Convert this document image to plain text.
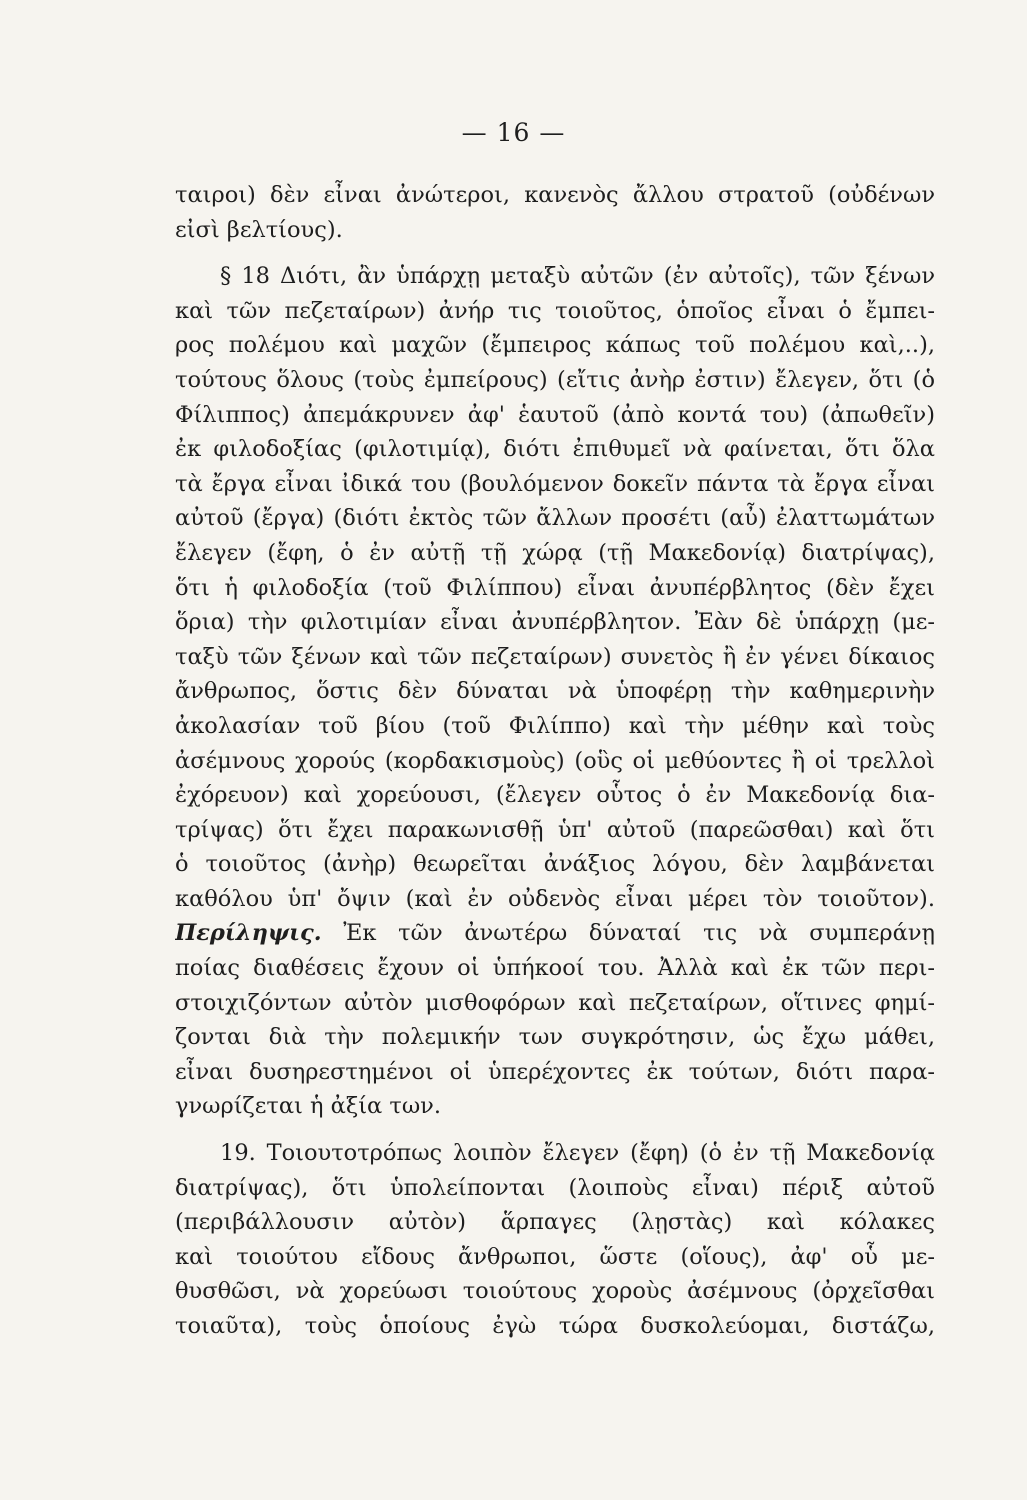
— 16 —
ταιροι) δὲν εἶναι ἀνώτεροι, κανενὸς ἄλλου στρατοῦ (οὐδένων
εἰσὶ βελτίους).
§ 18 Διότι, ἂν ὑπάρχῃ μεταξὺ αὐτῶν (ἐν αὐτοῖς), τῶν ξένων
καὶ τῶν πεζεταίρων) ἀνήρ τις τοιοῦτος, ὁποῖος εἶναι ὁ ἔμπει-
ρος πολέμου καὶ μαχῶν (ἔμπειρος κάπως τοῦ πολέμου καὶ,..),
τούτους ὅλους (τοὺς ἐμπείρους) (εἴτις ἀνὴρ ἐστιν) ἔλεγεν, ὅτι (ὁ
Φίλιππος) ἀπεμάκρυνεν ἀφ' ἑαυτοῦ (ἀπὸ κοντά του) (ἀπωθεῖν)
ἐκ φιλοδοξίας (φιλοτιμίᾳ), διότι ἐπιθυμεῖ νὰ φαίνεται, ὅτι ὅλα
τὰ ἔργα εἶναι ἰδικά του (βουλόμενον δοκεῖν πάντα τὰ ἔργα εἶναι
αὐτοῦ (ἔργα) (διότι ἐκτὸς τῶν ἄλλων προσέτι (αὖ) ἐλαττωμάτων
ἔλεγεν (ἔφη, ὁ ἐν αὐτῇ τῇ χώρᾳ (τῇ Μακεδονίᾳ) διατρίψας),
ὅτι ἡ φιλοδοξία (τοῦ Φιλίππου) εἶναι ἀνυπέρβλητος (δὲν ἔχει
ὅρια) τὴν φιλοτιμίαν εἶναι ἀνυπέρβλητον. Ἐὰν δὲ ὑπάρχῃ (με-
ταξὺ τῶν ξένων καὶ τῶν πεζεταίρων) συνετὸς ἢ ἐν γένει δίκαιος
ἄνθρωπος, ὅστις δὲν δύναται νὰ ὑποφέρῃ τὴν καθημερινὴν
ἀκολασίαν τοῦ βίου (τοῦ Φιλίππο) καὶ τὴν μέθην καὶ τοὺς
ἀσέμνους χορούς (κορδακισμοὺς) (οὓς οἱ μεθύοντες ἢ οἱ τρελλοὶ
ἐχόρευον) καὶ χορεύουσι, (ἔλεγεν οὗτος ὁ ἐν Μακεδονίᾳ δια-
τρίψας) ὅτι ἔχει παρακωνισθῇ ὑπ' αὐτοῦ (παρεῶσθαι) καὶ ὅτι
ὁ τοιοῦτος (ἀνὴρ) θεωρεῖται ἀνάξιος λόγου, δὲν λαμβάνεται
καθόλου ὑπ' ὄψιν (καὶ ἐν οὐδενὸς εἶναι μέρει τὸν τοιοῦτον).
Περίληψις. Ἐκ τῶν ἀνωτέρω δύναταί τις νὰ συμπεράνῃ
ποίας διαθέσεις ἔχουν οἱ ὑπήκοοί του. Ἀλλὰ καὶ ἐκ τῶν περι-
στοιχιζόντων αὐτὸν μισθοφόρων καὶ πεζεταίρων, οἵτινες φημί-
ζονται διὰ τὴν πολεμικήν των συγκρότησιν, ὡς ἔχω μάθει,
εἶναι δυσηρεστημένοι οἱ ὑπερέχοντες ἐκ τούτων, διότι παρα-
γνωρίζεται ἡ ἀξία των.
19. Τοιουτοτρόπως λοιπὸν ἔλεγεν (ἔφη) (ὁ ἐν τῇ Μακεδονίᾳ
διατρίψας), ὅτι ὑπολείπονται (λοιποὺς εἶναι) πέριξ αὐτοῦ
(περιβάλλουσιν αὐτὸν) ἅρπαγες (λῃστὰς) καὶ κόλακες
καὶ τοιούτου εἴδους ἄνθρωποι, ὥστε (οἵους), ἀφ' οὗ με-
θυσθῶσι, νὰ χορεύωσι τοιούτους χοροὺς ἀσέμνους (ὀρχεῖσθαι
τοιαῦτα), τοὺς ὁποίους ἐγὼ τώρα δυσκολεύομαι, διστάζω,
